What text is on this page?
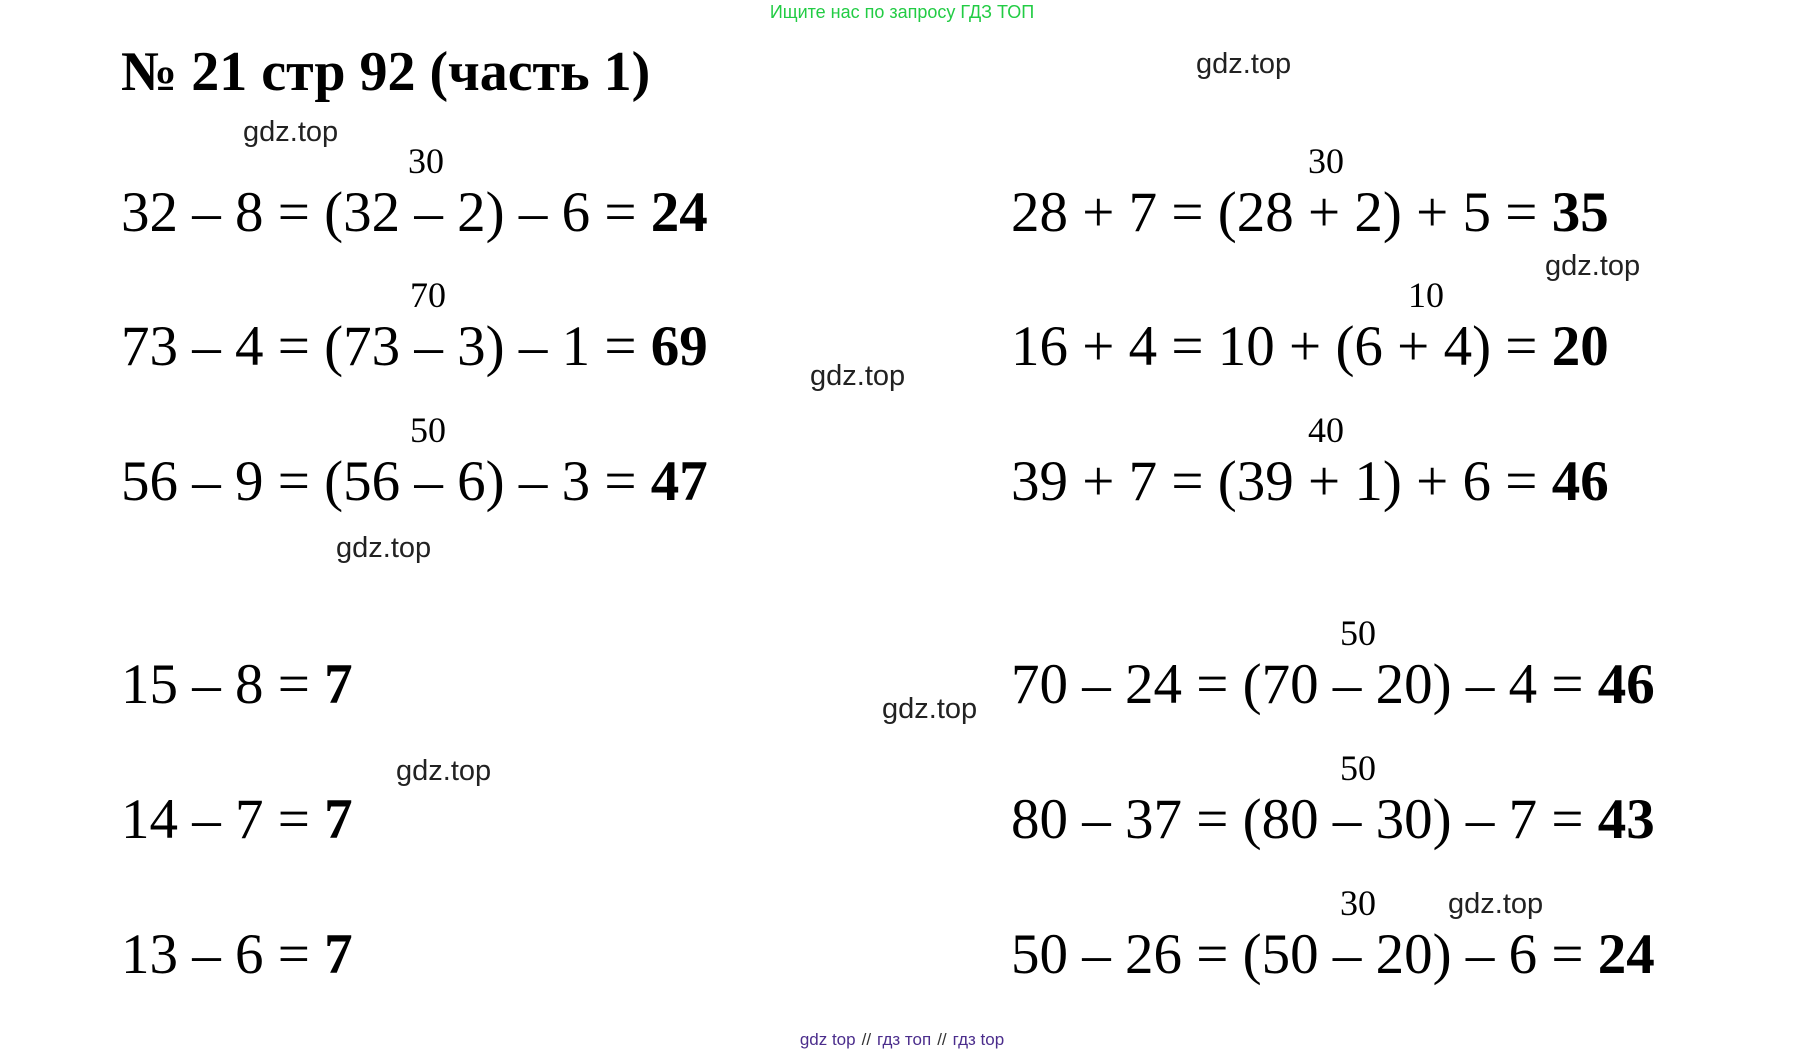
Ищите нас по запросу ГДЗ ТОП
№ 21 стр 92 (часть 1)	gdz.top
gdz.top
gdz.top
gdz.top
gdz.top
gdz.top
gdz.top
gdz.top
30
32 – 8 = (32 – 2) – 6 = 24
70
73 – 4 = (73 – 3) – 1 = 69
50
56 – 9 = (56 – 6) – 3 = 47
30
28 + 7 = (28 + 2) + 5 = 35
10
16 + 4 = 10 + (6 + 4) = 20
40
39 + 7 = (39 + 1) + 6 = 46
15 – 8 = 7
14 – 7 = 7
13 – 6 = 7
50
70 – 24 = (70 – 20) – 4 = 46
50
80 – 37 = (80 – 30) – 7 = 43
30
50 – 26 = (50 – 20) – 6 = 24
gdz top // гдз топ // гдз top
